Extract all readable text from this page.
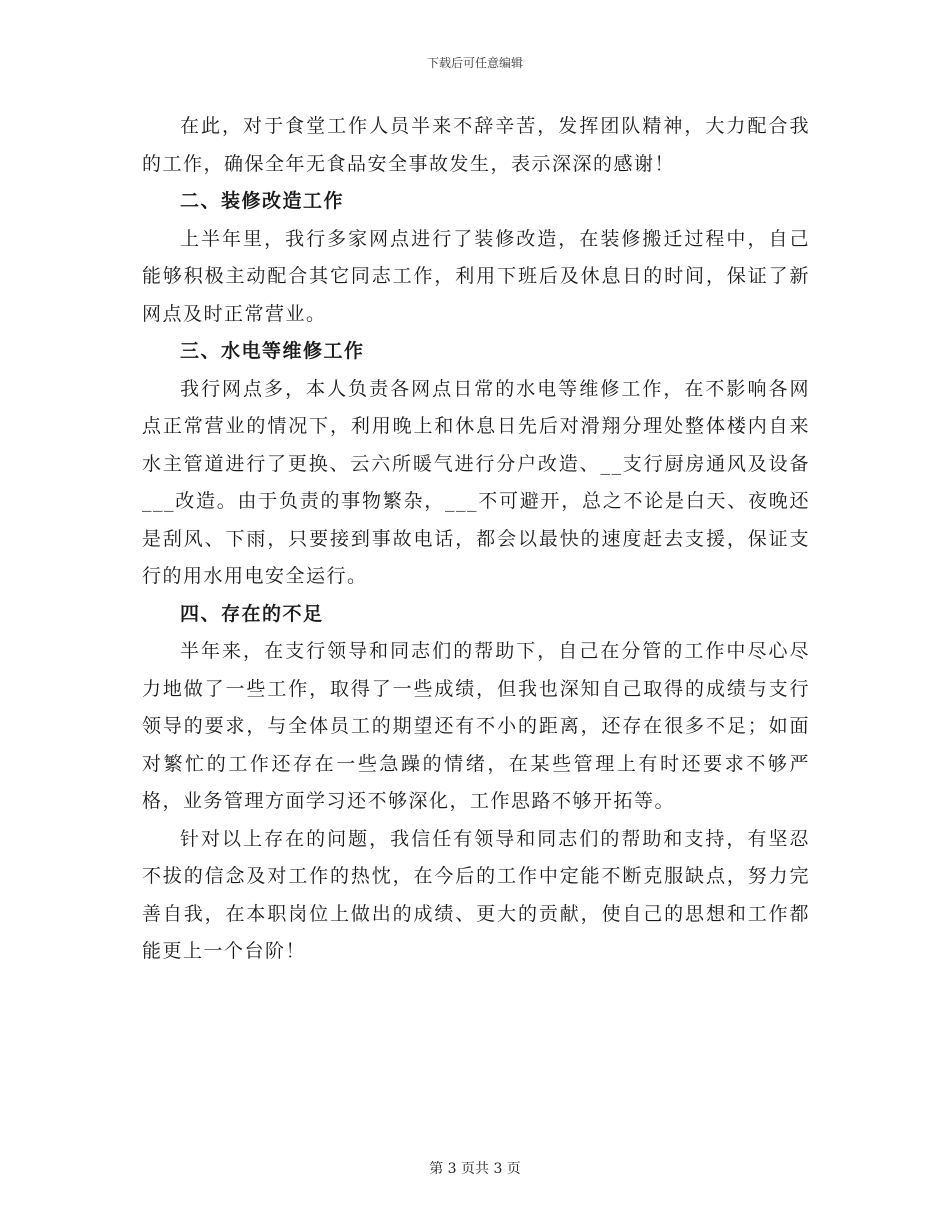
下载后可任意编辑

在此，对于食堂工作人员半来不辞辛苦，发挥团队精神，大力配合我的工作，确保全年无食品安全事故发生，表示深深的感谢！

二、装修改造工作

上半年里，我行多家网点进行了装修改造，在装修搬迁过程中，自己能够积极主动配合其它同志工作，利用下班后及休息日的时间，保证了新网点及时正常营业。

三、水电等维修工作

我行网点多，本人负责各网点日常的水电等维修工作，在不影响各网点正常营业的情况下，利用晚上和休息日先后对滑翔分理处整体楼内自来水主管道进行了更换、云六所暖气进行分户改造、__支行厨房通风及设备___改造。由于负责的事物繁杂，___不可避开，总之不论是白天、夜晚还是刮风、下雨，只要接到事故电话，都会以最快的速度赶去支援，保证支行的用水用电安全运行。

四、存在的不足

半年来，在支行领导和同志们的帮助下，自己在分管的工作中尽心尽力地做了一些工作，取得了一些成绩，但我也深知自己取得的成绩与支行领导的要求，与全体员工的期望还有不小的距离，还存在很多不足；如面对繁忙的工作还存在一些急躁的情绪，在某些管理上有时还要求不够严格，业务管理方面学习还不够深化，工作思路不够开拓等。

针对以上存在的问题，我信任有领导和同志们的帮助和支持，有坚忍不拔的信念及对工作的热忱，在今后的工作中定能不断克服缺点，努力完善自我，在本职岗位上做出的成绩、更大的贡献，使自己的思想和工作都能更上一个台阶！

第 3 页共 3 页
